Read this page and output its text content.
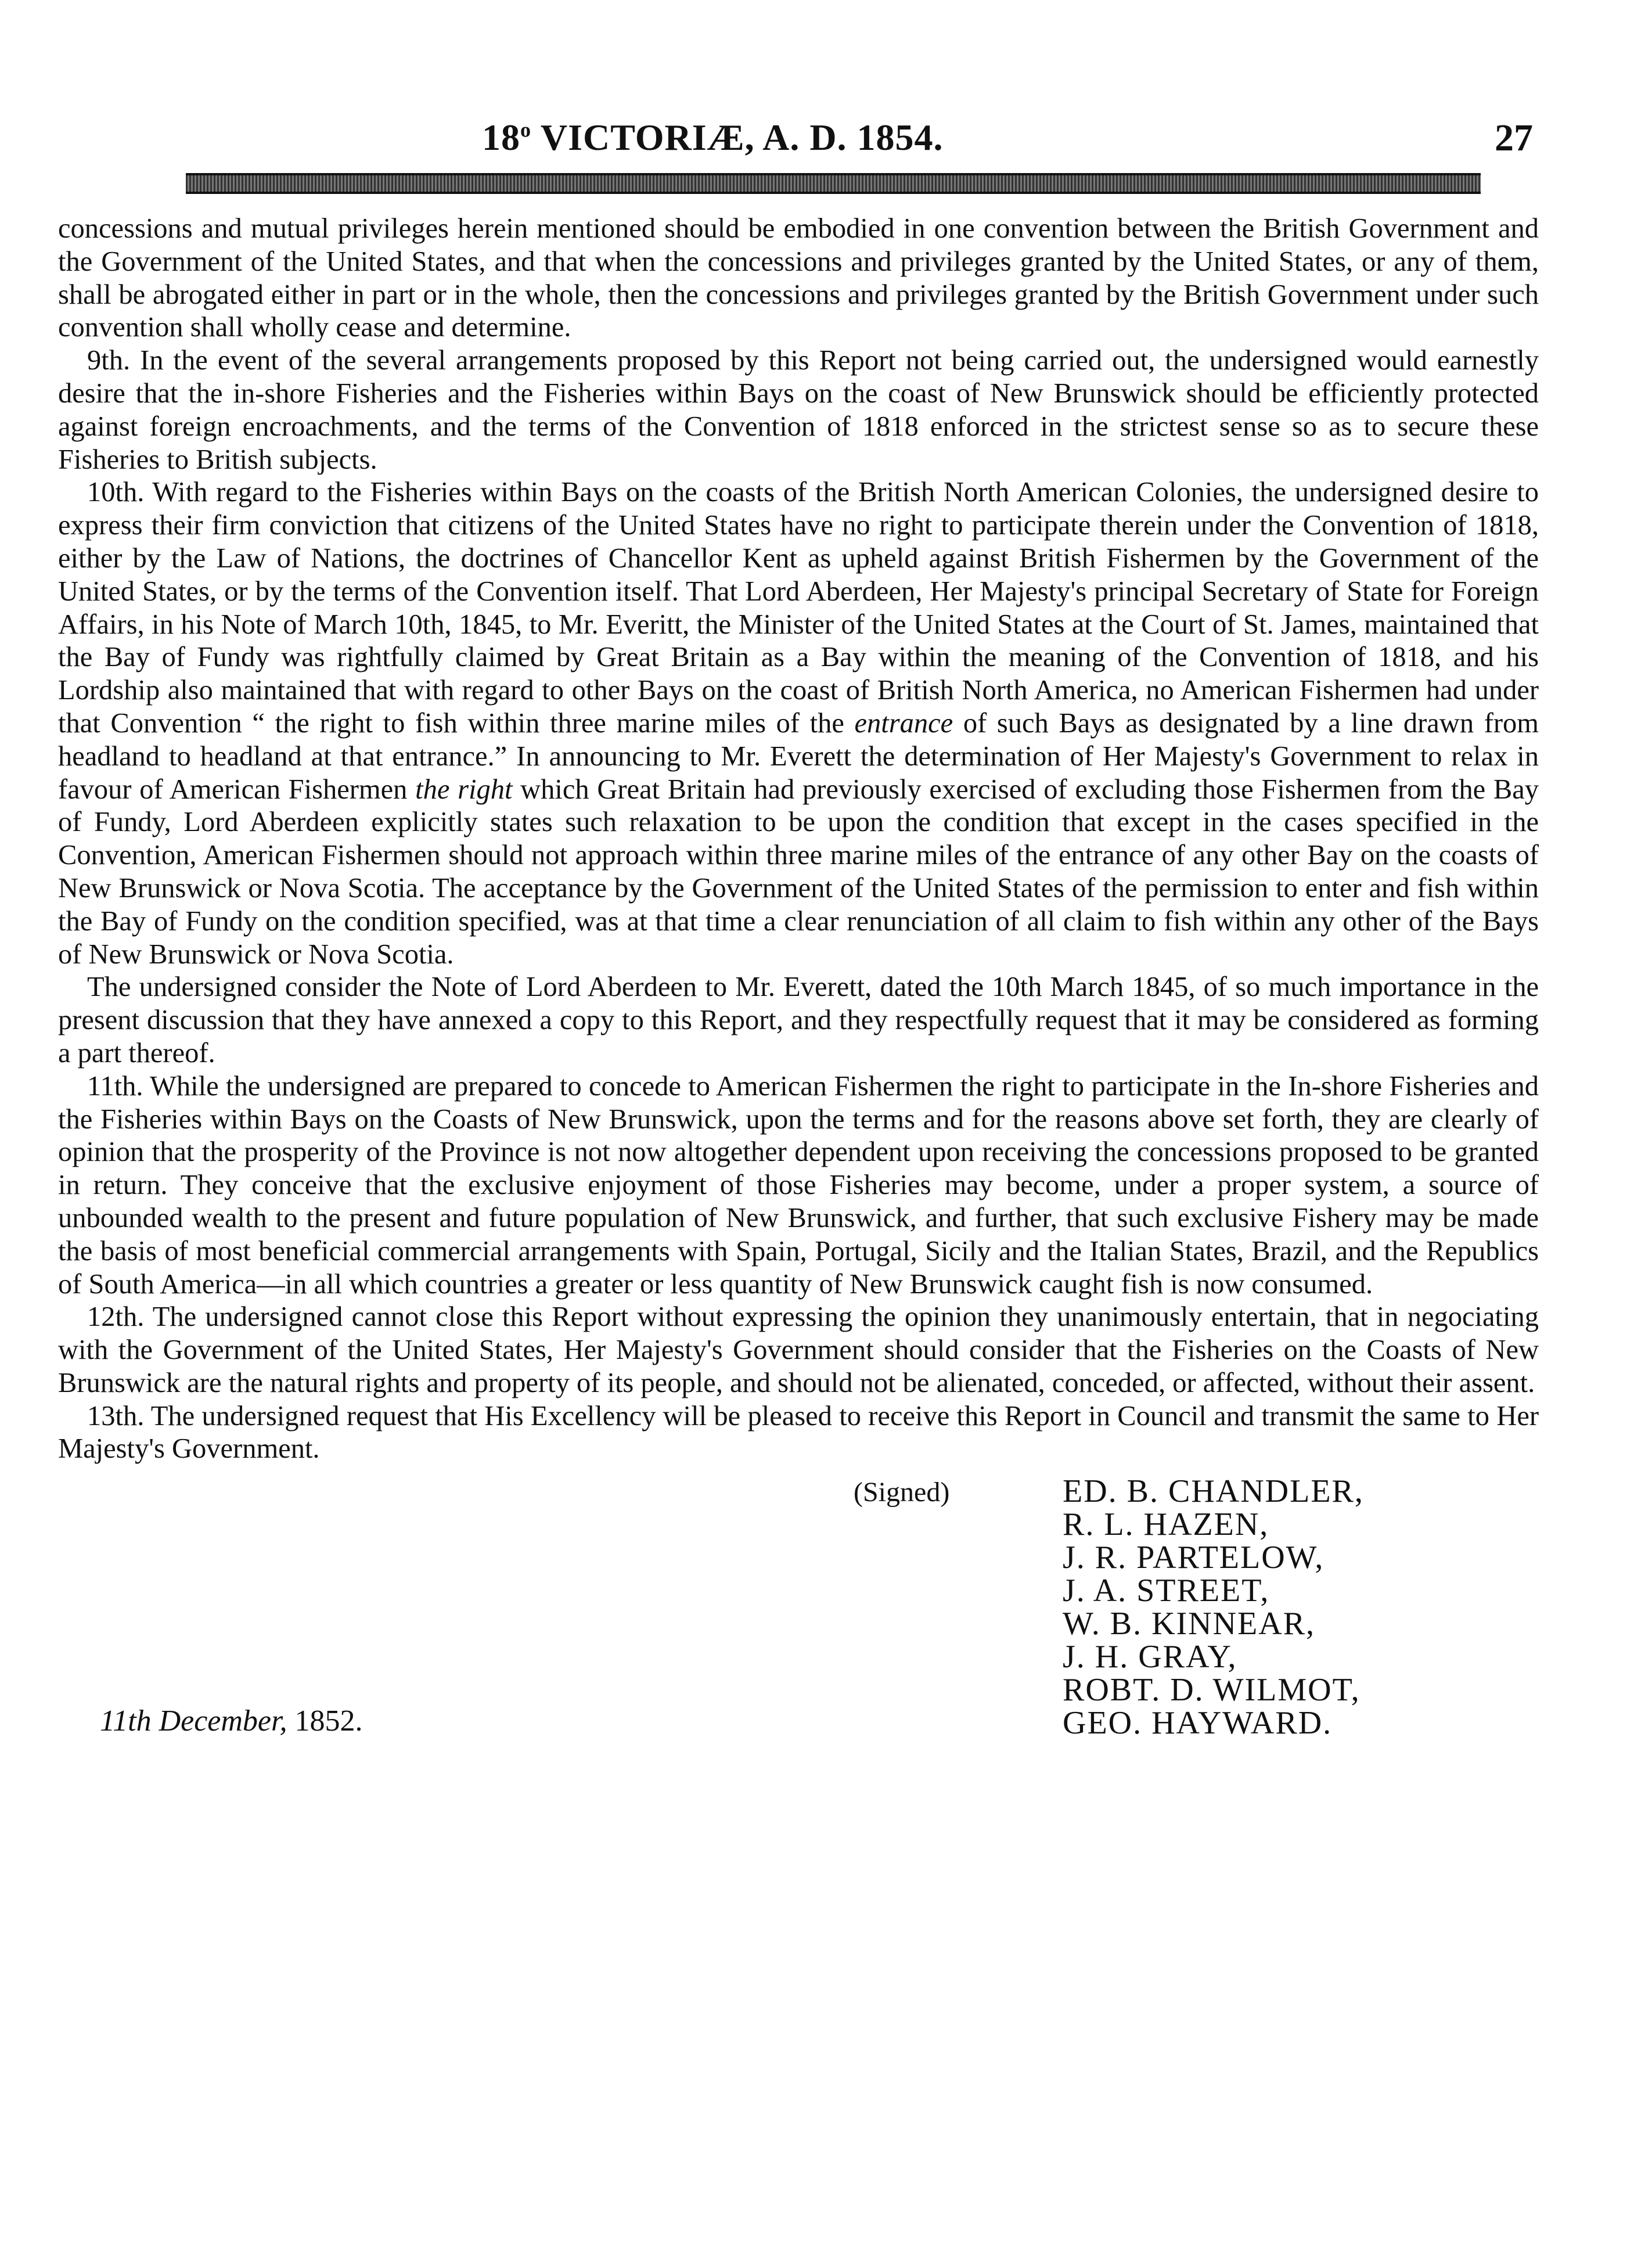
18$^o$ VICTORIÆ, A. D. 1854.	27

concessions and mutual privileges herein mentioned should be embodied in one convention between the British Government and the Government of the United States, and that when the concessions and privileges granted by the United States, or any of them, shall be abrogated either in part or in the whole, then the concessions and privileges granted by the British Government under such convention shall wholly cease and determine.

9th. In the event of the several arrangements proposed by this Report not being carried out, the undersigned would earnestly desire that the in-shore Fisheries and the Fisheries within Bays on the coast of New Brunswick should be efficiently protected against foreign encroachments, and the terms of the Convention of 1818 enforced in the strictest sense so as to secure these Fisheries to British subjects.

10th. With regard to the Fisheries within Bays on the coasts of the British North American Colonies, the undersigned desire to express their firm conviction that citizens of the United States have no right to participate therein under the Convention of 1818, either by the Law of Nations, the doctrines of Chancellor Kent as upheld against British Fishermen by the Government of the United States, or by the terms of the Convention itself. That Lord Aberdeen, Her Majesty's principal Secretary of State for Foreign Affairs, in his Note of March 10th, 1845, to Mr. Everitt, the Minister of the United States at the Court of St. James, maintained that the Bay of Fundy was rightfully claimed by Great Britain as a Bay within the meaning of the Convention of 1818, and his Lordship also maintained that with regard to other Bays on the coast of British North America, no American Fishermen had under that Convention “ the right to fish within three marine miles of the entrance of such Bays as designated by a line drawn from headland to headland at that entrance.” In announcing to Mr. Everett the determination of Her Majesty's Government to relax in favour of American Fishermen the right which Great Britain had previously exercised of excluding those Fishermen from the Bay of Fundy, Lord Aberdeen explicitly states such relaxation to be upon the condition that except in the cases specified in the Convention, American Fishermen should not approach within three marine miles of the entrance of any other Bay on the coasts of New Brunswick or Nova Scotia. The acceptance by the Government of the United States of the permission to enter and fish within the Bay of Fundy on the condition specified, was at that time a clear renunciation of all claim to fish within any other of the Bays of New Brunswick or Nova Scotia.

The undersigned consider the Note of Lord Aberdeen to Mr. Everett, dated the 10th March 1845, of so much importance in the present discussion that they have annexed a copy to this Report, and they respectfully request that it may be considered as forming a part thereof.

11th. While the undersigned are prepared to concede to American Fishermen the right to participate in the In-shore Fisheries and the Fisheries within Bays on the Coasts of New Brunswick, upon the terms and for the reasons above set forth, they are clearly of opinion that the prosperity of the Province is not now altogether dependent upon receiving the concessions proposed to be granted in return. They conceive that the exclusive enjoyment of those Fisheries may become, under a proper system, a source of unbounded wealth to the present and future population of New Brunswick, and further, that such exclusive Fishery may be made the basis of most beneficial commercial arrangements with Spain, Portugal, Sicily and the Italian States, Brazil, and the Republics of South America—in all which countries a greater or less quantity of New Brunswick caught fish is now consumed.

12th. The undersigned cannot close this Report without expressing the opinion they unanimously entertain, that in negociating with the Government of the United States, Her Majesty's Government should consider that the Fisheries on the Coasts of New Brunswick are the natural rights and property of its people, and should not be alienated, conceded, or affected, without their assent.

13th. The undersigned request that His Excellency will be pleased to receive this Report in Council and transmit the same to Her Majesty's Government.

(Signed)	ED. B. CHANDLER,
R. L. HAZEN,
J. R. PARTELOW,
J. A. STREET,
W. B. KINNEAR,
J. H. GRAY,
ROBT. D. WILMOT,
GEO. HAYWARD.
11th December, 1852.
